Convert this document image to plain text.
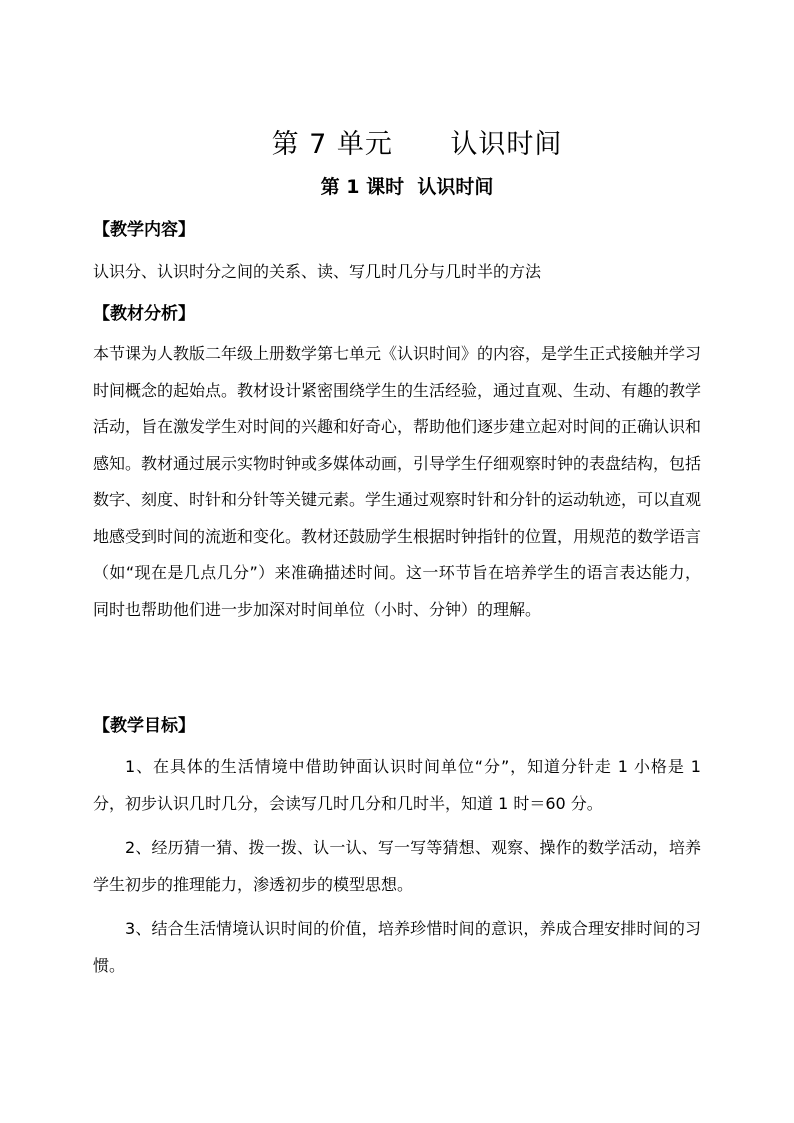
第 7 单元      认识时间
第 1 课时  认识时间
【教学内容】

认识分、认识时分之间的关系、读、写几时几分与几时半的方法

【教材分析】

本节课为人教版二年级上册数学第七单元《认识时间》的内容，是学生正式接触并学习时间概念的起始点。教材设计紧密围绕学生的生活经验，通过直观、生动、有趣的教学活动，旨在激发学生对时间的兴趣和好奇心，帮助他们逐步建立起对时间的正确认识和感知。教材通过展示实物时钟或多媒体动画，引导学生仔细观察时钟的表盘结构，包括数字、刻度、时针和分针等关键元素。学生通过观察时针和分针的运动轨迹，可以直观地感受到时间的流逝和变化。教材还鼓励学生根据时钟指针的位置，用规范的数学语言（如“现在是几点几分”）来准确描述时间。这一环节旨在培养学生的语言表达能力，同时也帮助他们进一步加深对时间单位（小时、分钟）的理解。

【教学目标】

1、在具体的生活情境中借助钟面认识时间单位“分”，知道分针走 1 小格是 1 分，初步认识几时几分，会读写几时几分和几时半，知道 1 时＝60 分。

2、经历猜一猜、拨一拨、认一认、写一写等猜想、观察、操作的数学活动，培养学生初步的推理能力，渗透初步的模型思想。

3、结合生活情境认识时间的价值，培养珍惜时间的意识，养成合理安排时间的习惯。
